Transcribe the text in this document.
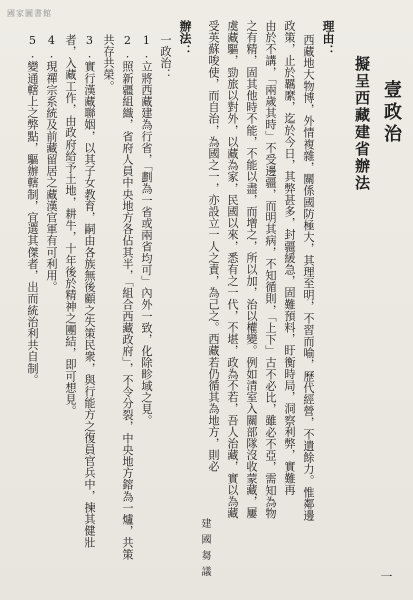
國家圖書館
壹政治
擬呈西藏建省辦法
理由：
西藏地大物博，外情複雜，關係國防極大，其理至明，不習而喻，歷代經營，不遺餘力。惟鄰邊
政策，止於羈縻，迄於今日，其弊甚多，封疆緩急，固難預料，盱衡時局，洞察利弊，實難再
由於不講，「兩歲其時」不受邊疆，而明其病，不知循則，「上下」古不必比，雖必不亞，需知為物
之有精，固其他時不能，不能以盡，而增之，所以加，治以權變。例如清室入關部隊沒收蒙藏，屢
虞藏驅，勁旅以對外，以藏為家，民國以來，悉有之一代，不堪，政為不若，吾人治藏，實以為藏
受英蘇唆使，而自治，為國之一，亦設立一人之責，為己之。西藏若仍循其為地方，則必
辦法：
一政治：
1.立將西藏建為行省，「劃為一省或兩省均可」內外一致，化除畛域之見。
2.照新疆組織，省府人員中央地方各佔其半，「組合西藏政府」，不令分裂，中央地方鎔為一爐，共策
共存共榮。
3.實行漢藏聯姻，以其子女教育，嗣由各族無後顧之失策民衆，與行能方之復員官兵中，揀其健壯
者，入藏工作，由政府給予土地，耕牛，十年後於精神之團結，即可想見。
4.現禪宗系統及前藏留居之藏漢官軍有可利用。
5.變通轄上之弊點，驅辦轄制，宜選其傑者，出而統治利共自制。
一
建國芻議
